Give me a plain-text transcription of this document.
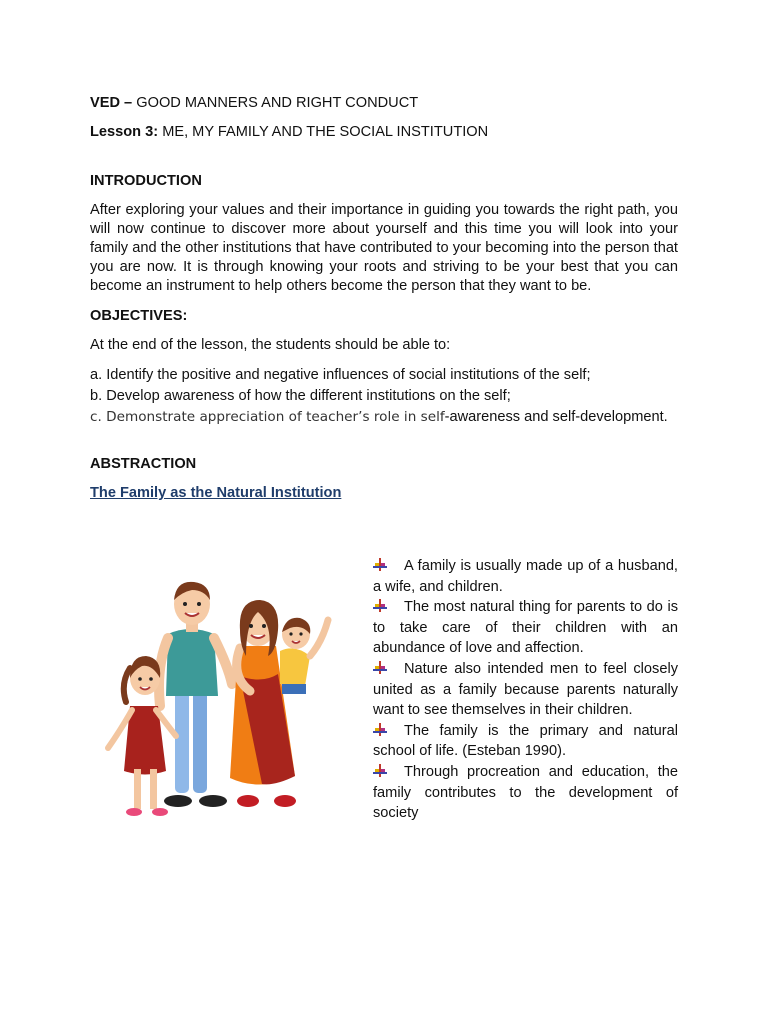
VED – GOOD MANNERS AND RIGHT CONDUCT

Lesson 3: ME, MY FAMILY AND THE SOCIAL INSTITUTION

INTRODUCTION

After exploring your values and their importance in guiding you towards the right path, you will now continue to discover more about yourself and this time you will look into your family and the other institutions that have contributed to your becoming into the person that you are now. It is through knowing your roots and striving to be your best that you can become an instrument to help others become the person that they want to be.

OBJECTIVES:

At the end of the lesson, the students should be able to:

a. Identify the positive and negative influences of social institutions of the self;

b. Develop awareness of how the different institutions on the self;

c. Demonstrate appreciation of teacher’s role in self-awareness and self-development.

ABSTRACTION

The Family as the Natural Institution

A family is usually made up of a husband, a wife, and children.

The most natural thing for parents to do is to take care of their children with an abundance of love and affection.

Nature also intended men to feel closely united as a family because parents naturally want to see themselves in their children.

The family is the primary and natural school of life. (Esteban 1990).

Through procreation and education, the family contributes to the development of society
